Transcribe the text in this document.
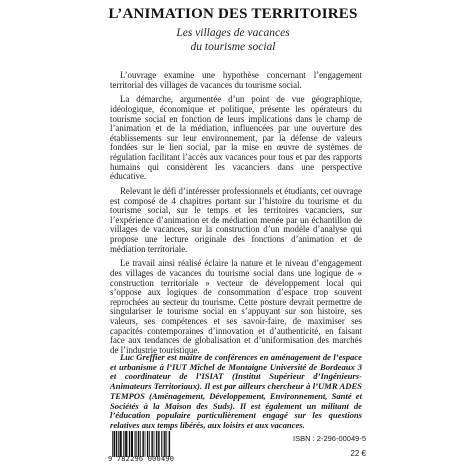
L’ANIMATION DES TERRITOIRES
Les villages de vacances
du tourisme social

L’ouvrage examine une hypothèse concernant l’engagement territorial des villages de vacances du tourisme social.

La démarche, argumentée d’un point de vue géographique, idéologique, économique et politique, présente les opérateurs du tourisme social en fonction de leurs implications dans le champ de l’animation et de la médiation, influencées par une ouverture des établissements sur leur environnement, par la défense de valeurs fondées sur le lien social, par la mise en œuvre de systèmes de régulation facilitant l’accès aux vacances pour tous et par des rapports humains qui considèrent les vacanciers dans une perspective éducative.

Relevant le défi d’intéresser professionnels et étudiants, cet ouvrage est composé de 4 chapitres portant sur l’histoire du tourisme et du tourisme social, sur le temps et les territoires vacanciers, sur l’expérience d’animation et de médiation menée par un échantillon de villages de vacances, sur la construction d’un modèle d’analyse qui propose une lecture originale des fonctions d’animation et de médiation territoriale.

Le travail ainsi réalisé éclaire la nature et le niveau d’engagement des villages de vacances du tourisme social dans une logique de « construction territoriale » vecteur de développement local qui s’oppose aux logiques de consommation d’espace trop souvent reprochées au secteur du tourisme. Cette posture devrait permettre de singulariser le tourisme social en s’appuyant sur son histoire, ses valeurs, ses compétences et ses savoir-faire, de maximiser ses capacités contemporaines d’innovation et d’authenticité, en faisant face aux tendances de globalisation et d’uniformisation des marchés de l’industrie touristique.

Luc Greffier est maître de conférences en aménagement de l’espace et urbanisme à l’IUT Michel de Montaigne Université de Bordeaux 3 et coordinateur de l’ISIAT (Institut Supérieur d’Ingénieurs-Animateurs Territoriaux). Il est par ailleurs chercheur à l’UMR ADES TEMPOS (Aménagement, Développement, Environnement, Santé et Sociétés à la Maison des Suds). Il est également un militant de l’éducation populaire particulièrement engagé sur les questions relatives aux temps libérés, aux loisirs et aux vacances.

9 782296 000490
ISBN : 2-296-00049-5
22 €
